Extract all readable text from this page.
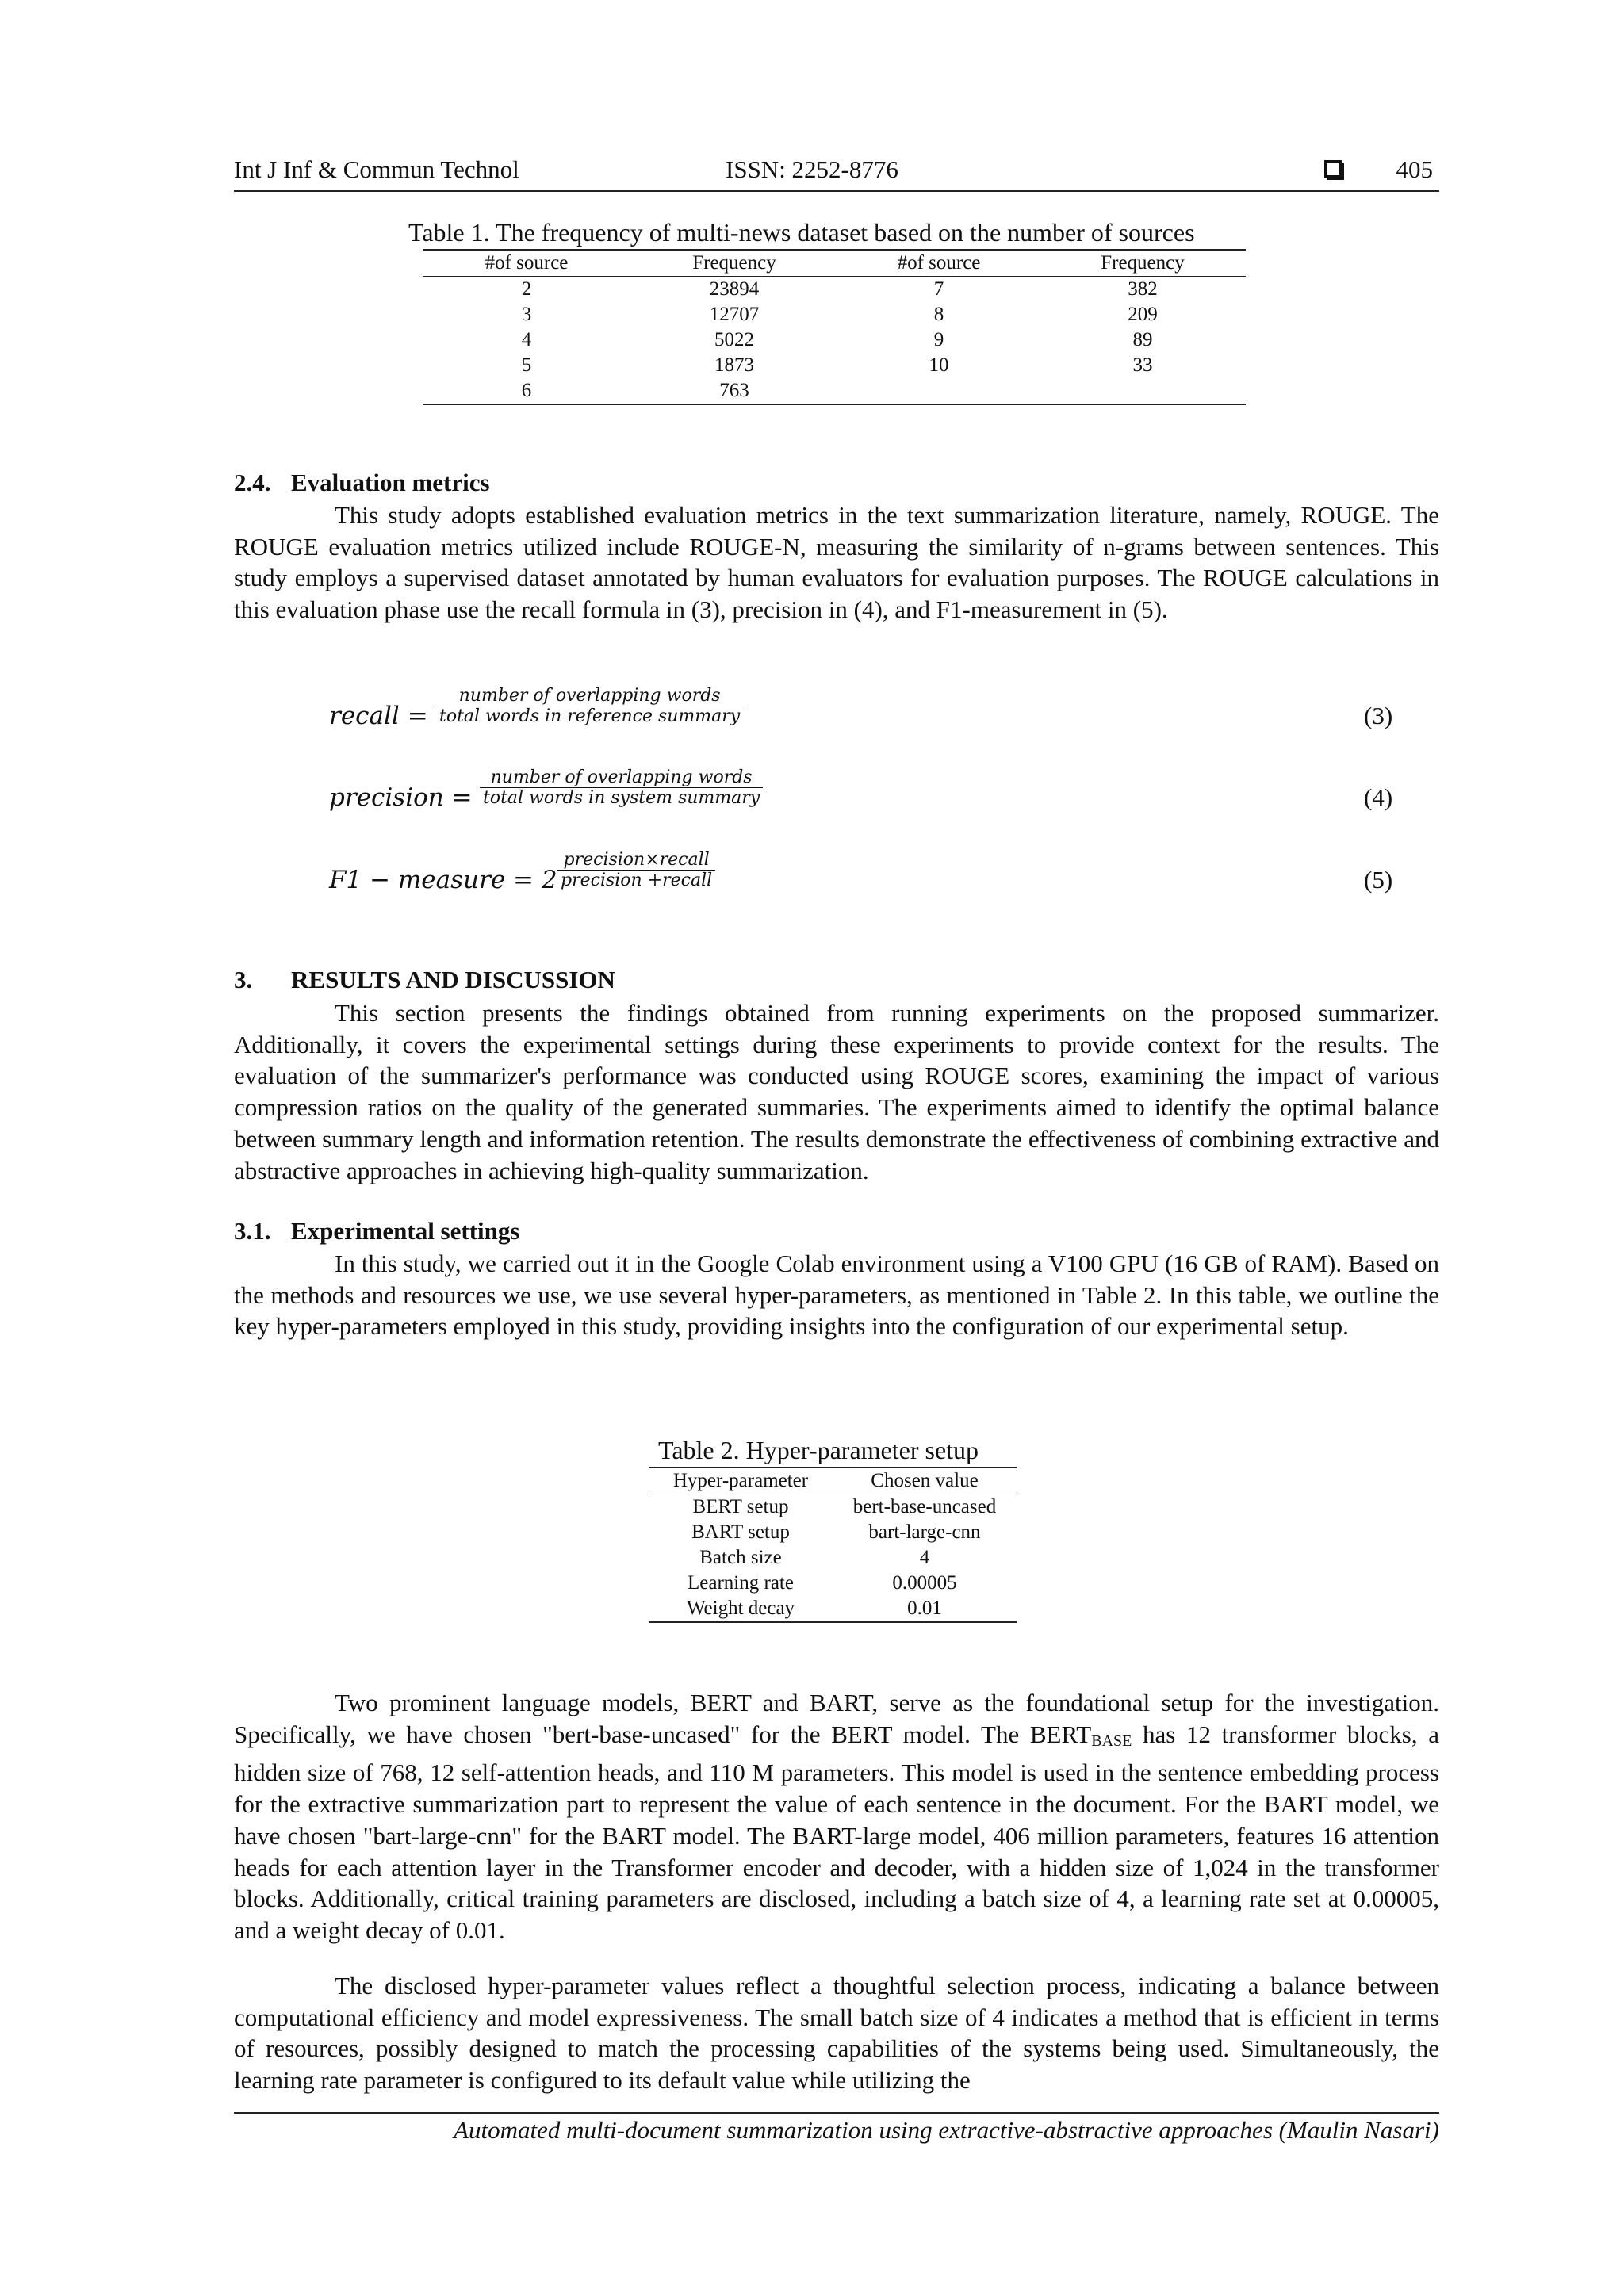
Int J Inf & Commun Technol	ISSN: 2252-8776	405
Table 1. The frequency of multi-news dataset based on the number of sources
#of source	Frequency	#of source	Frequency
2	23894	7	382
3	12707	8	209
4	5022	9	89
5	1873	10	33
6	763		
2.4. Evaluation metrics

This study adopts established evaluation metrics in the text summarization literature, namely, ROUGE. The ROUGE evaluation metrics utilized include ROUGE-N, measuring the similarity of n-grams between sentences. This study employs a supervised dataset annotated by human evaluators for evaluation purposes. The ROUGE calculations in this evaluation phase use the recall formula in (3), precision in (4), and F1-measurement in (5).

recall =
number of overlapping words
total words in reference summary	(3)
precision =
number of overlapping words
total words in system summary	(4)
F1 − measure = 2
precision×recall
precision +recall	(5)
3. RESULTS AND DISCUSSION

This section presents the findings obtained from running experiments on the proposed summarizer. Additionally, it covers the experimental settings during these experiments to provide context for the results. The evaluation of the summarizer's performance was conducted using ROUGE scores, examining the impact of various compression ratios on the quality of the generated summaries. The experiments aimed to identify the optimal balance between summary length and information retention. The results demonstrate the effectiveness of combining extractive and abstractive approaches in achieving high-quality summarization.

3.1. Experimental settings

In this study, we carried out it in the Google Colab environment using a V100 GPU (16 GB of RAM). Based on the methods and resources we use, we use several hyper-parameters, as mentioned in Table 2. In this table, we outline the key hyper-parameters employed in this study, providing insights into the configuration of our experimental setup.

Table 2. Hyper-parameter setup
Hyper-parameter	Chosen value
BERT setup	bert-base-uncased
BART setup	bart-large-cnn
Batch size	4
Learning rate	0.00005
Weight decay	0.01

Two prominent language models, BERT and BART, serve as the foundational setup for the investigation. Specifically, we have chosen "bert-base-uncased" for the BERT model. The $BERT_{BASE}$ has 12 transformer blocks, a hidden size of 768, 12 self-attention heads, and 110 M parameters. This model is used in the sentence embedding process for the extractive summarization part to represent the value of each sentence in the document. For the BART model, we have chosen "bart-large-cnn" for the BART model. The BART-large model, 406 million parameters, features 16 attention heads for each attention layer in the Transformer encoder and decoder, with a hidden size of 1,024 in the transformer blocks. Additionally, critical training parameters are disclosed, including a batch size of 4, a learning rate set at 0.00005, and a weight decay of 0.01.

The disclosed hyper-parameter values reflect a thoughtful selection process, indicating a balance between computational efficiency and model expressiveness. The small batch size of 4 indicates a method that is efficient in terms of resources, possibly designed to match the processing capabilities of the systems being used. Simultaneously, the learning rate parameter is configured to its default value while utilizing the

Automated multi-document summarization using extractive-abstractive approaches (Maulin Nasari)
